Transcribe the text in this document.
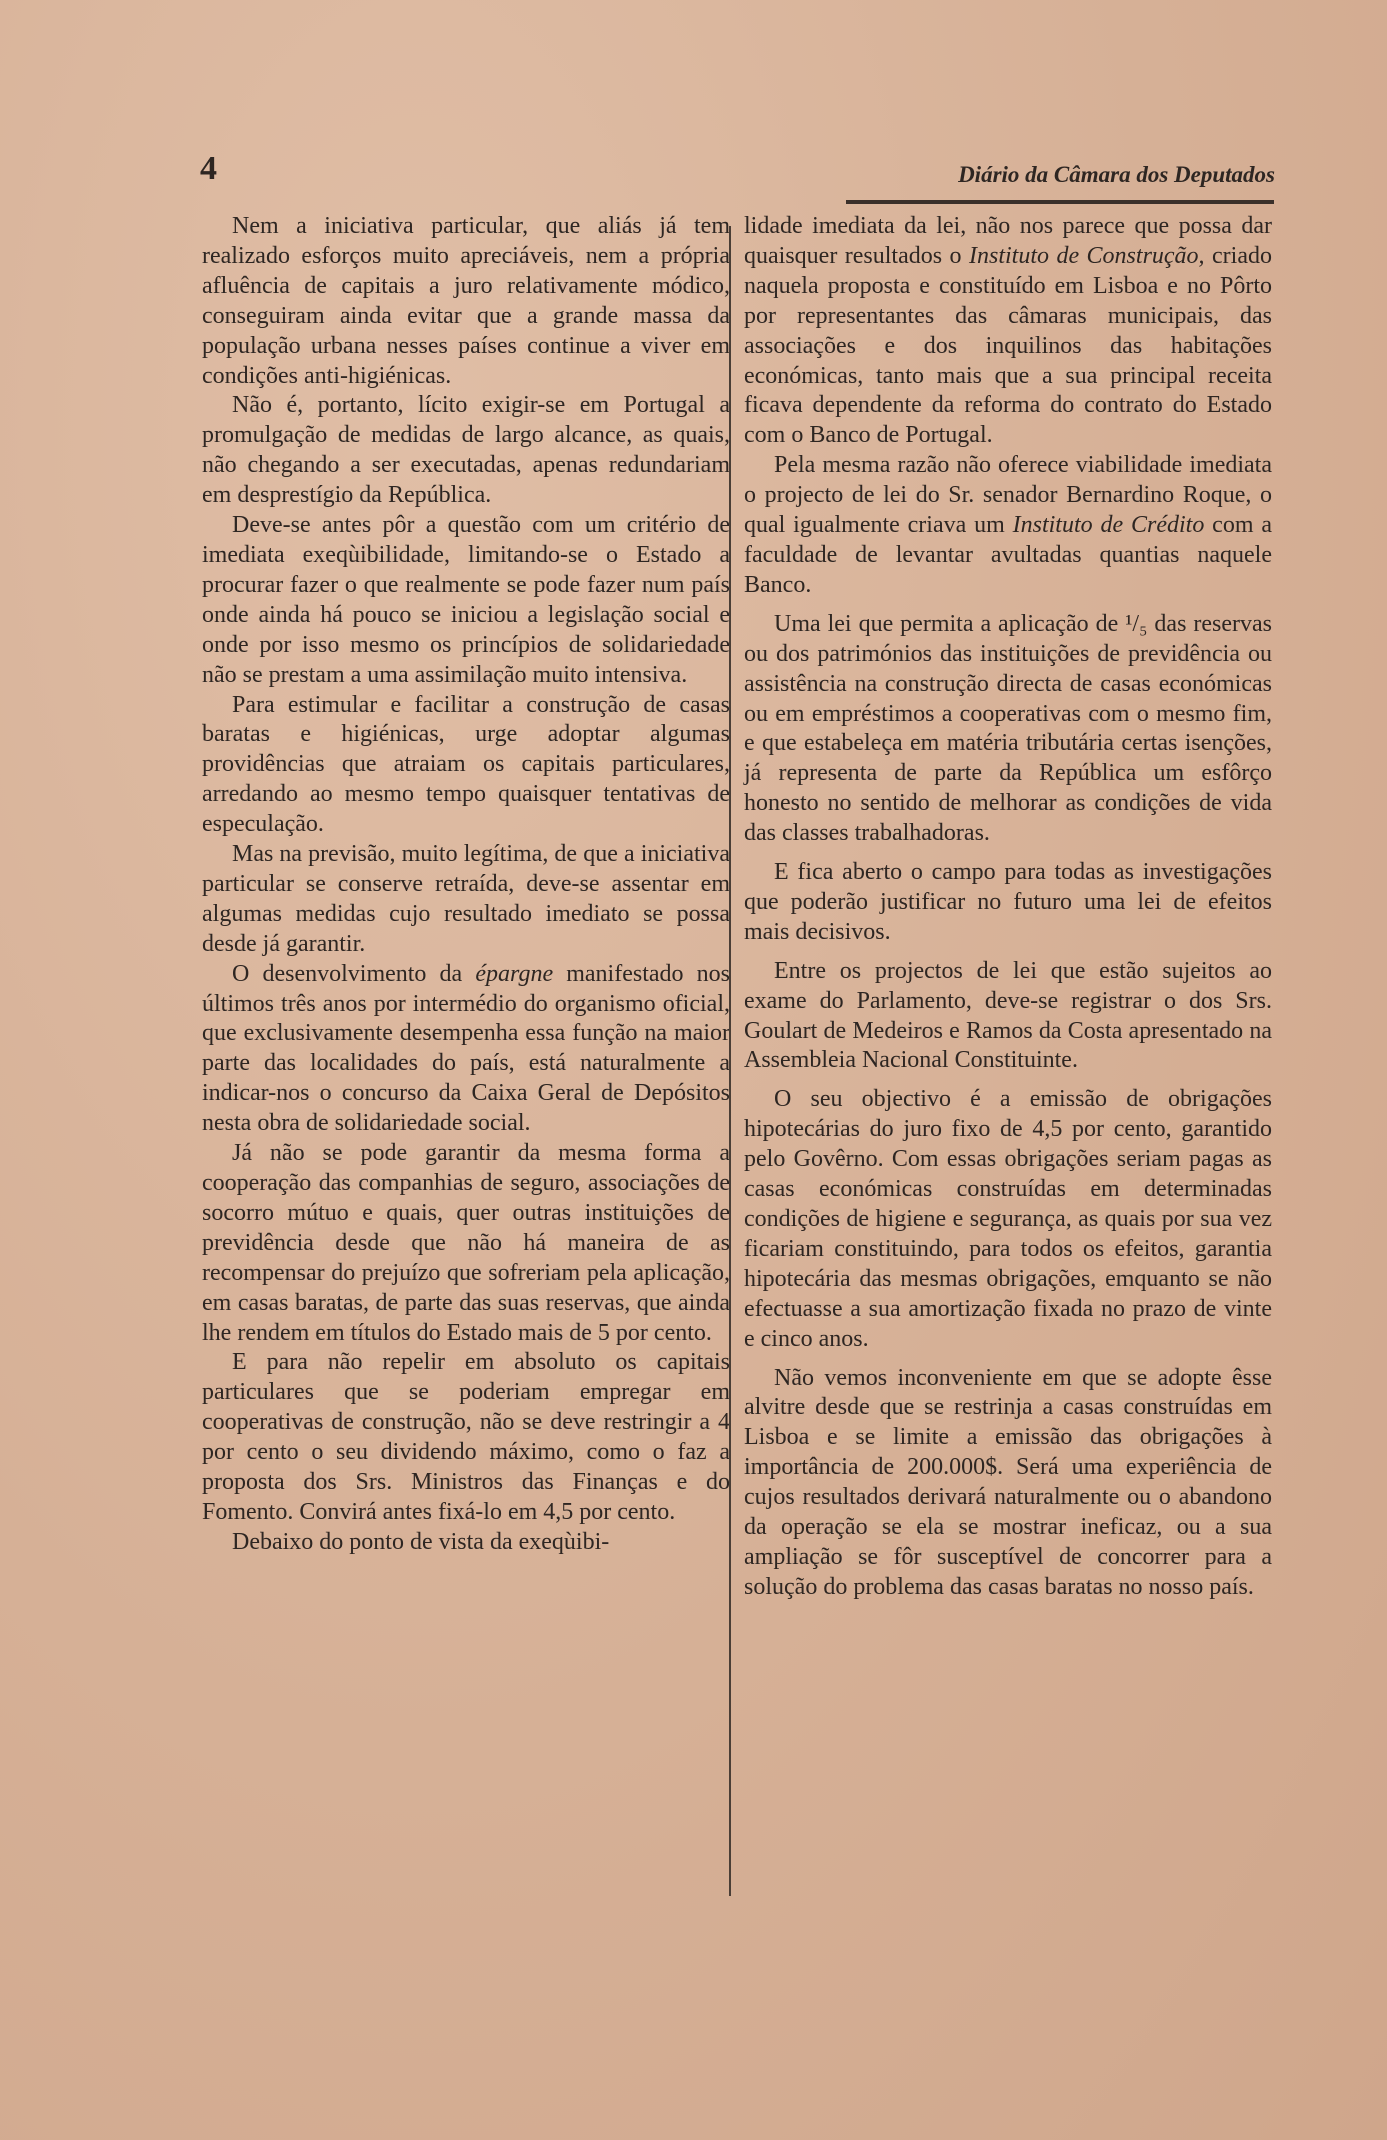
4	Diário da Câmara dos Deputados

Nem a iniciativa particular, que aliás já tem realizado esforços muito apreciáveis, nem a própria afluência de capitais a juro relativamente módico, conseguiram ainda evitar que a grande massa da população urbana nesses países continue a viver em condições anti-higiénicas.

Não é, portanto, lícito exigir-se em Portugal a promulgação de medidas de largo alcance, as quais, não chegando a ser executadas, apenas redundariam em desprestígio da República.

Deve-se antes pôr a questão com um critério de imediata exeqùibilidade, limitando-se o Estado a procurar fazer o que realmente se pode fazer num país onde ainda há pouco se iniciou a legislação social e onde por isso mesmo os princípios de solidariedade não se prestam a uma assimilação muito intensiva.

Para estimular e facilitar a construção de casas baratas e higiénicas, urge adoptar algumas providências que atraiam os capitais particulares, arredando ao mesmo tempo quaisquer tentativas de especulação.

Mas na previsão, muito legítima, de que a iniciativa particular se conserve retraída, deve-se assentar em algumas medidas cujo resultado imediato se possa desde já garantir.

O desenvolvimento da épargne manifestado nos últimos três anos por intermédio do organismo oficial, que exclusivamente desempenha essa função na maior parte das localidades do país, está naturalmente a indicar-nos o concurso da Caixa Geral de Depósitos nesta obra de solidariedade social.

Já não se pode garantir da mesma forma a cooperação das companhias de seguro, associações de socorro mútuo e quais, quer outras instituições de previdência desde que não há maneira de as recompensar do prejuízo que sofreriam pela aplicação, em casas baratas, de parte das suas reservas, que ainda lhe rendem em títulos do Estado mais de 5 por cento.

E para não repelir em absoluto os capitais particulares que se poderiam empregar em cooperativas de construção, não se deve restringir a 4 por cento o seu dividendo máximo, como o faz a proposta dos Srs. Ministros das Finanças e do Fomento. Convirá antes fixá-lo em 4,5 por cento.

Debaixo do ponto de vista da exeqùibi-

lidade imediata da lei, não nos parece que possa dar quaisquer resultados o Instituto de Construção, criado naquela proposta e constituído em Lisboa e no Pôrto por representantes das câmaras municipais, das associações e dos inquilinos das habitações económicas, tanto mais que a sua principal receita ficava dependente da reforma do contrato do Estado com o Banco de Portugal.

Pela mesma razão não oferece viabilidade imediata o projecto de lei do Sr. senador Bernardino Roque, o qual igualmente criava um Instituto de Crédito com a faculdade de levantar avultadas quantias naquele Banco.

Uma lei que permita a aplicação de ¹/₅ das reservas ou dos patrimónios das instituições de previdência ou assistência na construção directa de casas económicas ou em empréstimos a cooperativas com o mesmo fim, e que estabeleça em matéria tributária certas isenções, já representa de parte da República um esfôrço honesto no sentido de melhorar as condições de vida das classes trabalhadoras.

E fica aberto o campo para todas as investigações que poderão justificar no futuro uma lei de efeitos mais decisivos.

Entre os projectos de lei que estão sujeitos ao exame do Parlamento, deve-se registrar o dos Srs. Goulart de Medeiros e Ramos da Costa apresentado na Assembleia Nacional Constituinte.

O seu objectivo é a emissão de obrigações hipotecárias do juro fixo de 4,5 por cento, garantido pelo Govêrno. Com essas obrigações seriam pagas as casas económicas construídas em determinadas condições de higiene e segurança, as quais por sua vez ficariam constituindo, para todos os efeitos, garantia hipotecária das mesmas obrigações, emquanto se não efectuasse a sua amortização fixada no prazo de vinte e cinco anos.

Não vemos inconveniente em que se adopte êsse alvitre desde que se restrinja a casas construídas em Lisboa e se limite a emissão das obrigações à importância de 200.000$. Será uma experiência de cujos resultados derivará naturalmente ou o abandono da operação se ela se mostrar ineficaz, ou a sua ampliação se fôr susceptível de concorrer para a solução do problema das casas baratas no nosso país.
